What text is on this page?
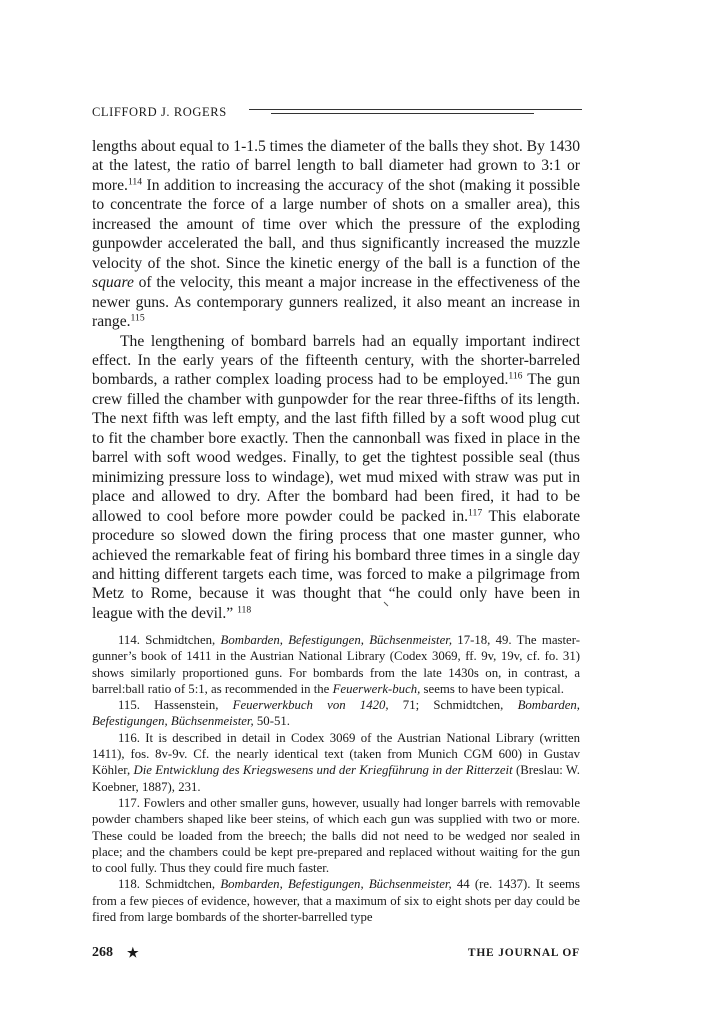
CLIFFORD J. ROGERS

lengths about equal to 1-1.5 times the diameter of the balls they shot. By 1430 at the latest, the ratio of barrel length to ball diameter had grown to 3:1 or more.$^{114}$ In addition to increasing the accuracy of the shot (making it possible to concentrate the force of a large number of shots on a smaller area), this increased the amount of time over which the pressure of the exploding gunpowder accelerated the ball, and thus significantly increased the muzzle velocity of the shot. Since the kinetic energy of the ball is a function of the square of the velocity, this meant a major increase in the effectiveness of the newer guns. As contemporary gunners realized, it also meant an increase in range.$^{115}$

The lengthening of bombard barrels had an equally important indirect effect. In the early years of the fifteenth century, with the shorter-barreled bombards, a rather complex loading process had to be employed.$^{116}$ The gun crew filled the chamber with gunpowder for the rear three-fifths of its length. The next fifth was left empty, and the last fifth filled by a soft wood plug cut to fit the chamber bore exactly. Then the cannonball was fixed in place in the barrel with soft wood wedges. Finally, to get the tightest possible seal (thus minimizing pressure loss to windage), wet mud mixed with straw was put in place and allowed to dry. After the bombard had been fired, it had to be allowed to cool before more powder could be packed in.$^{117}$ This elaborate procedure so slowed down the firing process that one master gunner, who achieved the remarkable feat of firing his bombard three times in a single day and hitting different targets each time, was forced to make a pilgrimage from Metz to Rome, because it was thought that “he could only have been in league with the devil.” $^{118}$

114. Schmidtchen, Bombarden, Befestigungen, Büchsenmeister, 17-18, 49. The master-gunner’s book of 1411 in the Austrian National Library (Codex 3069, ff. 9v, 19v, cf. fo. 31) shows similarly proportioned guns. For bombards from the late 1430s on, in contrast, a barrel:ball ratio of 5:1, as recommended in the Feuerwerk-buch, seems to have been typical.

115. Hassenstein, Feuerwerkbuch von 1420, 71; Schmidtchen, Bombarden, Befestigungen, Büchsenmeister, 50-51.

116. It is described in detail in Codex 3069 of the Austrian National Library (written 1411), fos. 8v-9v. Cf. the nearly identical text (taken from Munich CGM 600) in Gustav Köhler, Die Entwicklung des Kriegswesens und der Kriegführung in der Ritterzeit (Breslau: W. Koebner, 1887), 231.

117. Fowlers and other smaller guns, however, usually had longer barrels with removable powder chambers shaped like beer steins, of which each gun was supplied with two or more. These could be loaded from the breech; the balls did not need to be wedged nor sealed in place; and the chambers could be kept pre-prepared and replaced without waiting for the gun to cool fully. Thus they could fire much faster.

118. Schmidtchen, Bombarden, Befestigungen, Büchsenmeister, 44 (re. 1437). It seems from a few pieces of evidence, however, that a maximum of six to eight shots per day could be fired from large bombards of the shorter-barrelled type

268 ★	THE JOURNAL OF
